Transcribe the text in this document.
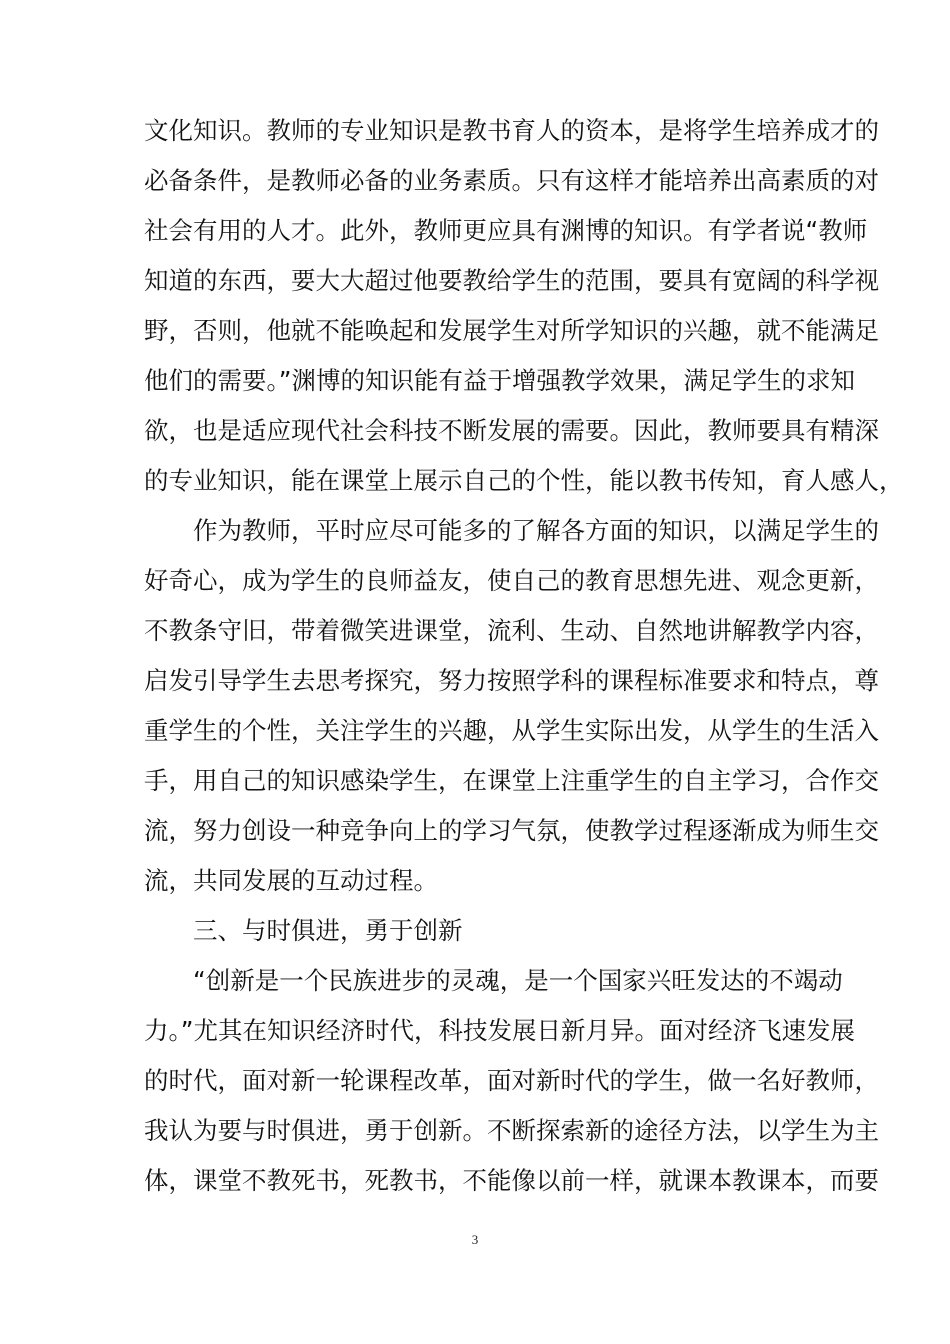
文化知识。教师的专业知识是教书育人的资本，是将学生培养成才的
必备条件，是教师必备的业务素质。只有这样才能培养出高素质的对
社会有用的人才。此外，教师更应具有渊博的知识。有学者说“教师
知道的东西，要大大超过他要教给学生的范围，要具有宽阔的科学视
野，否则，他就不能唤起和发展学生对所学知识的兴趣，就不能满足
他们的需要。”渊博的知识能有益于增强教学效果，满足学生的求知
欲，也是适应现代社会科技不断发展的需要。因此，教师要具有精深
的专业知识，能在课堂上展示自己的个性，能以教书传知，育人感人，
　　作为教师，平时应尽可能多的了解各方面的知识，以满足学生的
好奇心，成为学生的良师益友，使自己的教育思想先进、观念更新，
不教条守旧，带着微笑进课堂，流利、生动、自然地讲解教学内容，
启发引导学生去思考探究，努力按照学科的课程标准要求和特点，尊
重学生的个性，关注学生的兴趣，从学生实际出发，从学生的生活入
手，用自己的知识感染学生，在课堂上注重学生的自主学习，合作交
流，努力创设一种竞争向上的学习气氛，使教学过程逐渐成为师生交
流，共同发展的互动过程。
　　三、与时俱进，勇于创新
　　“创新是一个民族进步的灵魂，是一个国家兴旺发达的不竭动
力。”尤其在知识经济时代，科技发展日新月异。面对经济飞速发展
的时代，面对新一轮课程改革，面对新时代的学生，做一名好教师，
我认为要与时俱进，勇于创新。不断探索新的途径方法，以学生为主
体，课堂不教死书，死教书，不能像以前一样，就课本教课本，而要
3
